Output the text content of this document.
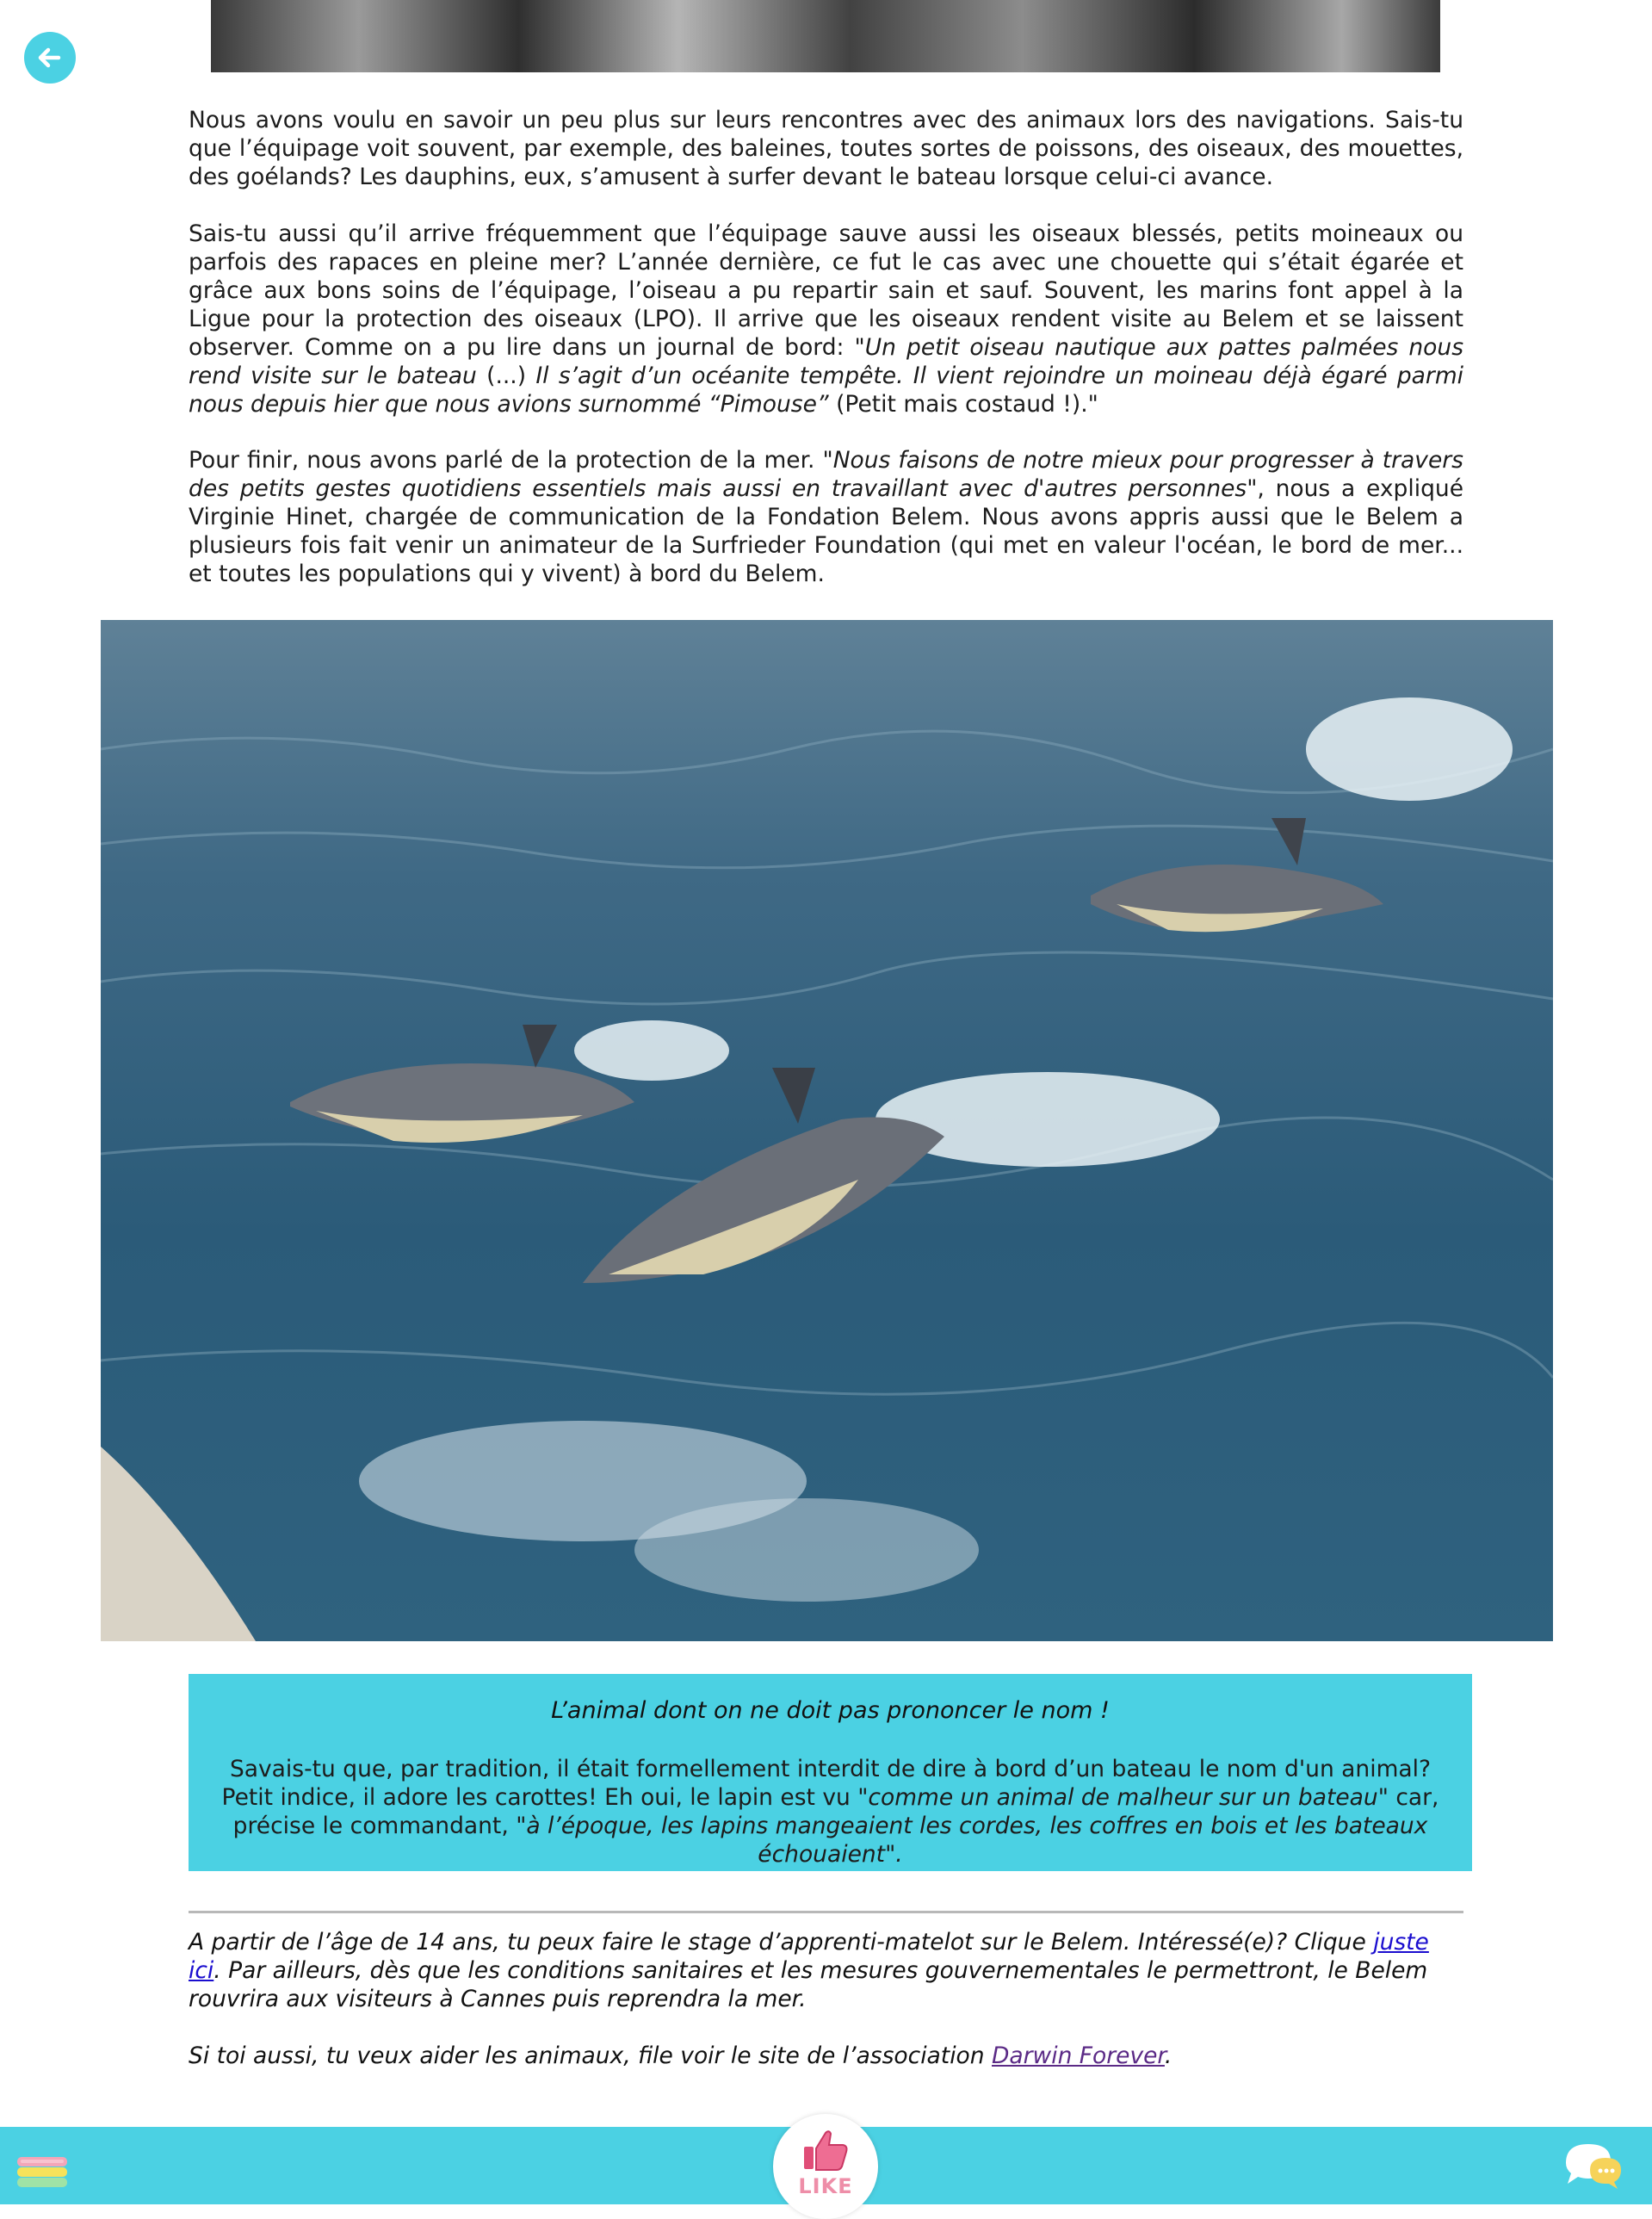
Nous avons voulu en savoir un peu plus sur leurs rencontres avec des animaux lors des navigations. Sais-tu que l’équipage voit souvent, par exemple, des baleines, toutes sortes de poissons, des oiseaux, des mouettes, des goélands? Les dauphins, eux, s’amusent à surfer devant le bateau lorsque celui-ci avance.

Sais-tu aussi qu’il arrive fréquemment que l’équipage sauve aussi les oiseaux blessés, petits moineaux ou parfois des rapaces en pleine mer? L’année dernière, ce fut le cas avec une chouette qui s’était égarée et grâce aux bons soins de l’équipage, l’oiseau a pu repartir sain et sauf. Souvent, les marins font appel à la Ligue pour la protection des oiseaux (LPO). Il arrive que les oiseaux rendent visite au Belem et se laissent observer. Comme on a pu lire dans un journal de bord: "Un petit oiseau nautique aux pattes palmées nous rend visite sur le bateau (...) Il s’agit d’un océanite tempête. Il vient rejoindre un moineau déjà égaré parmi nous depuis hier que nous avions surnommé “Pimouse” (Petit mais costaud !)."

Pour finir, nous avons parlé de la protection de la mer. "Nous faisons de notre mieux pour progresser à travers des petits gestes quotidiens essentiels mais aussi en travaillant avec d'autres personnes", nous a expliqué Virginie Hinet, chargée de communication de la Fondation Belem. Nous avons appris aussi que le Belem a plusieurs fois fait venir un animateur de la Surfrieder Foundation (qui met en valeur l'océan, le bord de mer... et toutes les populations qui y vivent) à bord du Belem.

L’animal dont on ne doit pas prononcer le nom !

Savais-tu que, par tradition, il était formellement interdit de dire à bord d’un bateau le nom d'un animal? Petit indice, il adore les carottes! Eh oui, le lapin est vu "comme un animal de malheur sur un bateau" car, précise le commandant, "à l’époque, les lapins mangeaient les cordes, les coffres en bois et les bateaux échouaient".

A partir de l’âge de 14 ans, tu peux faire le stage d’apprenti-matelot sur le Belem. Intéressé(e)? Clique juste ici. Par ailleurs, dès que les conditions sanitaires et les mesures gouvernementales le permettront, le Belem rouvrira aux visiteurs à Cannes puis reprendra la mer.

Si toi aussi, tu veux aider les animaux, file voir le site de l’association Darwin Forever.

LIKE
